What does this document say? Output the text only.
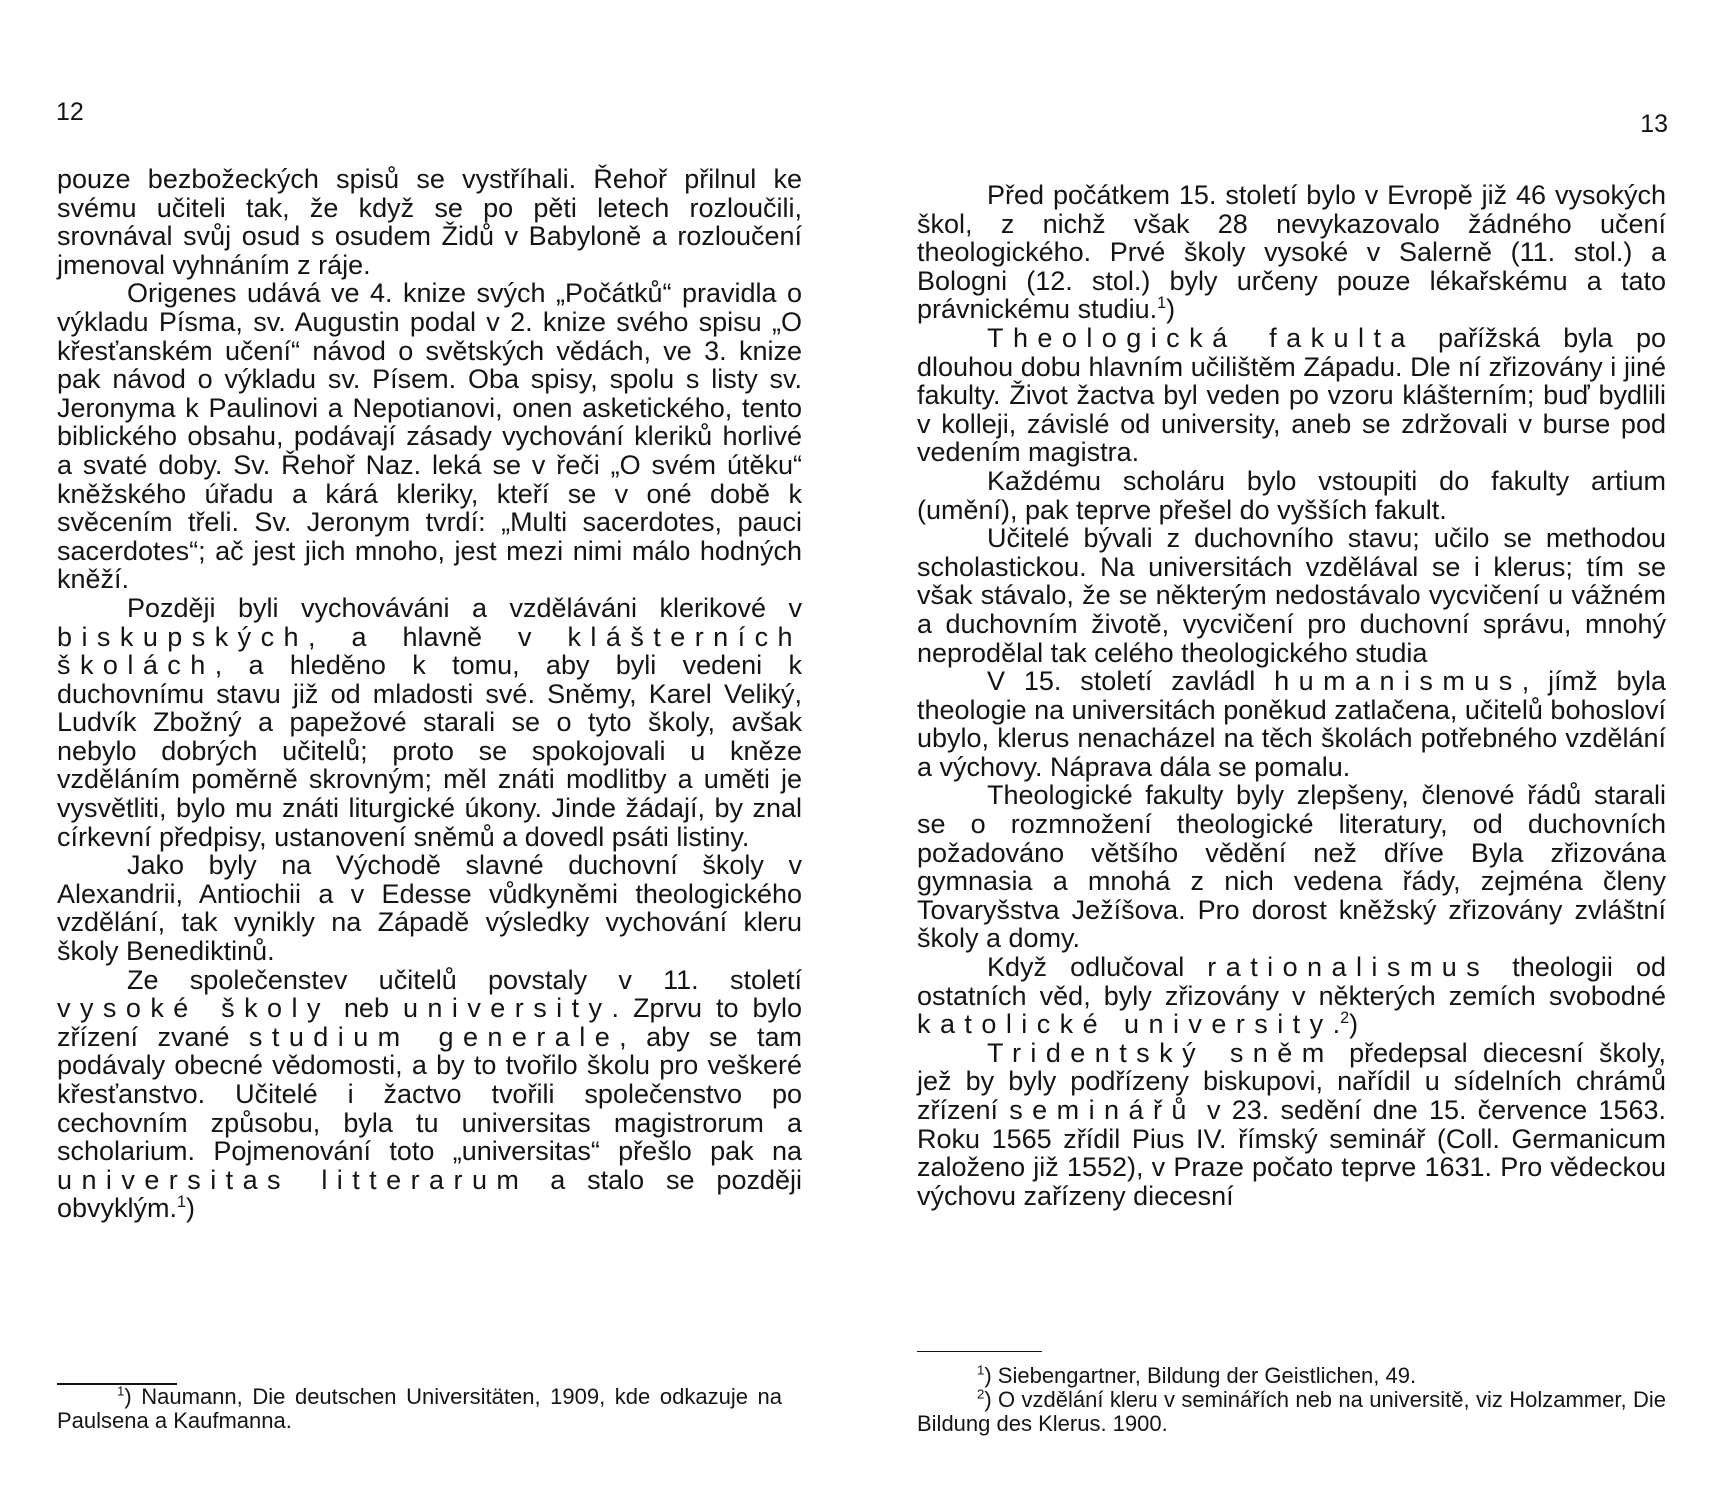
12

pouze bezbožeckých spisů se vystříhali. Řehoř přilnul ke svému učiteli tak, že když se po pěti letech rozloučili, srovnával svůj osud s osudem Židů v Babyloně a rozloučení jmenoval vyhnáním z ráje.

Origenes udává ve 4. knize svých „Počátků“ pravidla o výkladu Písma, sv. Augustin podal v 2. knize svého spisu „O křesťanském učení“ návod o světských vědách, ve 3. knize pak návod o výkladu sv. Písem. Oba spisy, spolu s listy sv. Jeronyma k Paulinovi a Nepotianovi, onen asketického, tento biblického obsahu, podávají zásady vychování kleriků horlivé a svaté doby. Sv. Řehoř Naz. leká se v řeči „O svém útěku“ kněžského úřadu a kárá kleriky, kteří se v oné době k svěcením třeli. Sv. Jeronym tvrdí: „Multi sacerdotes, pauci sacerdotes“; ač jest jich mnoho, jest mezi nimi málo hodných kněží.

Později byli vychováváni a vzděláváni klerikové v biskupských, a hlavně v klášterních školách, a hleděno k tomu, aby byli vedeni k duchovnímu stavu již od mladosti své. Sněmy, Karel Veliký, Ludvík Zbožný a papežové starali se o tyto školy, avšak nebylo dobrých učitelů; proto se spokojovali u kněze vzděláním poměrně skrovným; měl znáti modlitby a uměti je vysvětliti, bylo mu znáti liturgické úkony. Jinde žádají, by znal církevní předpisy, ustanovení sněmů a dovedl psáti listiny.

Jako byly na Východě slavné duchovní školy v Alexandrii, Antiochii a v Edesse vůdkyněmi theologického vzdělání, tak vynikly na Západě výsledky vychování kleru školy Benediktinů.

Ze společenstev učitelů povstaly v 11. století vysoké školy neb university. Zprvu to bylo zřízení zvané studium generale, aby se tam podávaly obecné vědomosti, a by to tvořilo školu pro veškeré křesťanstvo. Učitelé i žactvo tvořili společenstvo po cechovním způsobu, byla tu universitas magistrorum a scholarium. Pojmenování toto „universitas“ přešlo pak na universitas litterarum a stalo se později obvyklým.$^1$)

$^1$) Naumann, Die deutschen Universitäten, 1909, kde odkazuje na Paulsena a Kaufmanna.

13

Před počátkem 15. století bylo v Evropě již 46 vysokých škol, z nichž však 28 nevykazovalo žádného učení theologického. Prvé školy vysoké v Salerně (11. stol.) a Bologni (12. stol.) byly určeny pouze lékařskému a tato právnickému studiu.$^1$)

Theologická fakulta pařížská byla po dlouhou dobu hlavním učilištěm Západu. Dle ní zřizovány i jiné fakulty. Život žactva byl veden po vzoru klášterním; buď bydlili v kolleji, závislé od university, aneb se zdržovali v burse pod vedením magistra.

Každému scholáru bylo vstoupiti do fakulty artium (umění), pak teprve přešel do vyšších fakult.

Učitelé bývali z duchovního stavu; učilo se methodou scholastickou. Na universitách vzdělával se i klerus; tím se však stávalo, že se některým nedostávalo vycvičení u vážném a duchovním životě, vycvičení pro duchovní správu, mnohý neprodělal tak celého theologického studia

V 15. století zavládl humanismus, jímž byla theologie na universitách poněkud zatlačena, učitelů bohosloví ubylo, klerus nenacházel na těch školách potřebného vzdělání a výchovy. Náprava dála se pomalu.

Theologické fakulty byly zlepšeny, členové řádů starali se o rozmnožení theologické literatury, od duchovních požadováno většího vědění než dříve Byla zřizována gymnasia a mnohá z nich vedena řády, zejména členy Tovaryšstva Ježíšova. Pro dorost kněžský zřizovány zvláštní školy a domy.

Když odlučoval rationalismus theologii od ostatních věd, byly zřizovány v některých zemích svobodné katolické university.$^2$)

Tridentský sněm předepsal diecesní školy, jež by byly podřízeny biskupovi, nařídil u sídelních chrámů zřízení seminářů v 23. sedění dne 15. července 1563. Roku 1565 zřídil Pius IV. římský seminář (Coll. Germanicum založeno již 1552), v Praze počato teprve 1631. Pro vědeckou výchovu zařízeny diecesní

$^1$) Siebengartner, Bildung der Geistlichen, 49.

$^2$) O vzdělání kleru v seminářích neb na universitě, viz Holzammer, Die Bildung des Klerus. 1900.
